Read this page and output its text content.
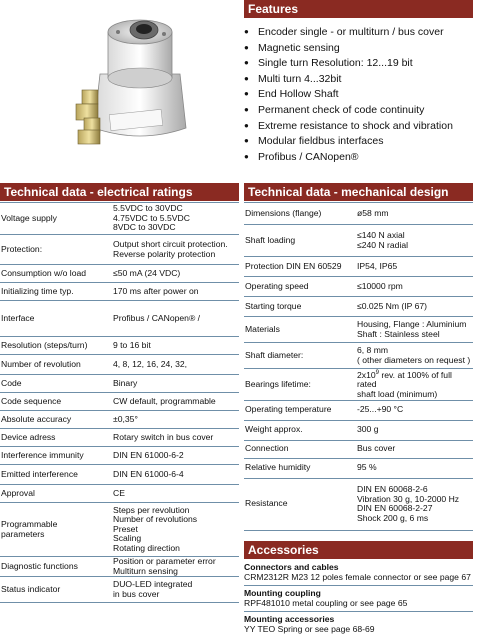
Features
● Encoder single - or multiturn / bus cover
● Magnetic sensing
● Single turn Resolution: 12...19 bit
● Multi turn 4...32bit
● End Hollow Shaft
● Permanent check of code continuity
● Extreme resistance to shock and vibration
● Modular fieldbus interfaces
● Profibus / CANopen®
Technical data - electrical ratings
Voltage supply	5.5VDC to 30VDC
4.75VDC to 5.5VDC
8VDC to 30VDC
Protection:	Output short circuit protection.
Reverse polarity protection
Consumption w/o load	≤50 mA (24 VDC)
Initializing time typ.	170 ms after power on
Interface	Profibus / CANopen® /

Resolution (steps/turn)	9 to 16 bit
Number of revolution	4, 8, 12, 16, 24, 32,
Code	Binary
Code sequence	CW default, programmable
Absolute accuracy	±0,35°
Device adress	Rotary switch in bus cover
Interference immunity	DIN EN 61000-6-2
Emitted interference	DIN EN 61000-6-4
Approval	CE
Programmable
parameters	Steps per revolution
Number of revolutions
Preset
Scaling
Rotating direction
Diagnostic functions	Position or parameter error
Multiturn sensing
Status indicator	DUO-LED integrated
in bus cover
Technical data - mechanical design
Dimensions (flange)	ø58 mm
Shaft loading	≤140 N axial
≤240 N radial
Protection DIN EN 60529	IP54, IP65
Operating speed	≤10000 rpm
Starting torque	≤0.025 Nm (IP 67)
Materials	Housing, Flange : Aluminium
Shaft : Stainless steel
Shaft diameter:	6, 8 mm
( other diameters on request )
Bearings lifetime:	$2x10^9$ rev. at 100% of full rated
shaft load (minimum)
Operating temperature	-25...+90 °C
Weight approx.	300 g
Connection	Bus cover
Relative humidity	95 %
Resistance	DIN EN 60068-2-6
Vibration 30 g, 10-2000 Hz
DIN EN 60068-2-27
Shock 200 g, 6 ms
Accessories
Connectors and cables
CRM2312R M23 12 poles female connector or see page 67
Mounting coupling
RPF481010 metal coupling or see page 65
Mounting accessories
YY TEO Spring or see page 68-69
